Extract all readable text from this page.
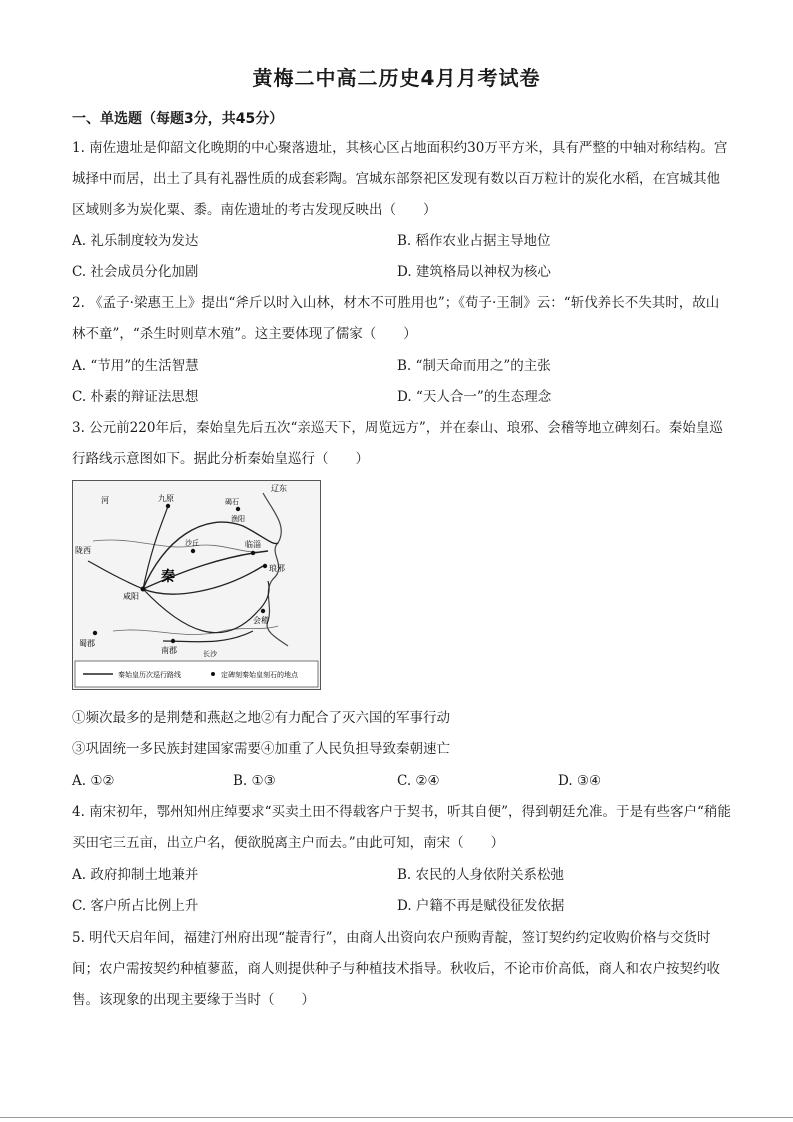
黄梅二中高二历史4月月考试卷
一、单选题（每题3分，共45分）
1. 南佐遗址是仰韶文化晚期的中心聚落遗址，其核心区占地面积约30万平方米，具有严整的中轴对称结构。宫城择中而居，出土了具有礼器性质的成套彩陶。宫城东部祭祀区发现有数以百万粒计的炭化水稻，在宫城其他区域则多为炭化粟、黍。南佐遗址的考古发现反映出（　　）
A. 礼乐制度较为发达	B. 稻作农业占据主导地位
C. 社会成员分化加剧	D. 建筑格局以神权为核心
2. 《孟子·梁惠王上》提出“斧斤以时入山林，材木不可胜用也”；《荀子·王制》云：“斩伐养长不失其时，故山林不童”，“杀生时则草木殖”。这主要体现了儒家（　　）
A. “节用”的生活智慧	B. “制天命而用之”的主张
C. 朴素的辩证法思想	D. “天人合一”的生态理念
3. 公元前220年后，秦始皇先后五次“亲巡天下，周览远方”，并在泰山、琅邪、会稽等地立碑刻石。秦始皇巡行路线示意图如下。据此分析秦始皇巡行（　　）
辽东
九原	碣石
渔阳
陇西
沙丘	临淄
琅邪
咸阳
秦
会稽
蜀郡
南郡	长沙
河
秦始皇历次巡行路线	定碑刻秦始皇刻石的地点
①频次最多的是荆楚和燕赵之地②有力配合了灭六国的军事行动
③巩固统一多民族封建国家需要④加重了人民负担导致秦朝速亡
A. ①②	B. ①③	C. ②④	D. ③④
4. 南宋初年，鄂州知州庄绰要求“买卖土田不得载客户于契书，听其自便”，得到朝廷允准。于是有些客户“稍能买田宅三五亩，出立户名，便欲脱离主户而去。”由此可知，南宋（　　）
A. 政府抑制土地兼并	B. 农民的人身依附关系松弛
C. 客户所占比例上升	D. 户籍不再是赋役征发依据
5. 明代天启年间，福建汀州府出现“靛青行”，由商人出资向农户预购青靛，签订契约约定收购价格与交货时间；农户需按契约种植蓼蓝，商人则提供种子与种植技术指导。秋收后，不论市价高低，商人和农户按契约收售。该现象的出现主要缘于当时（　　）
